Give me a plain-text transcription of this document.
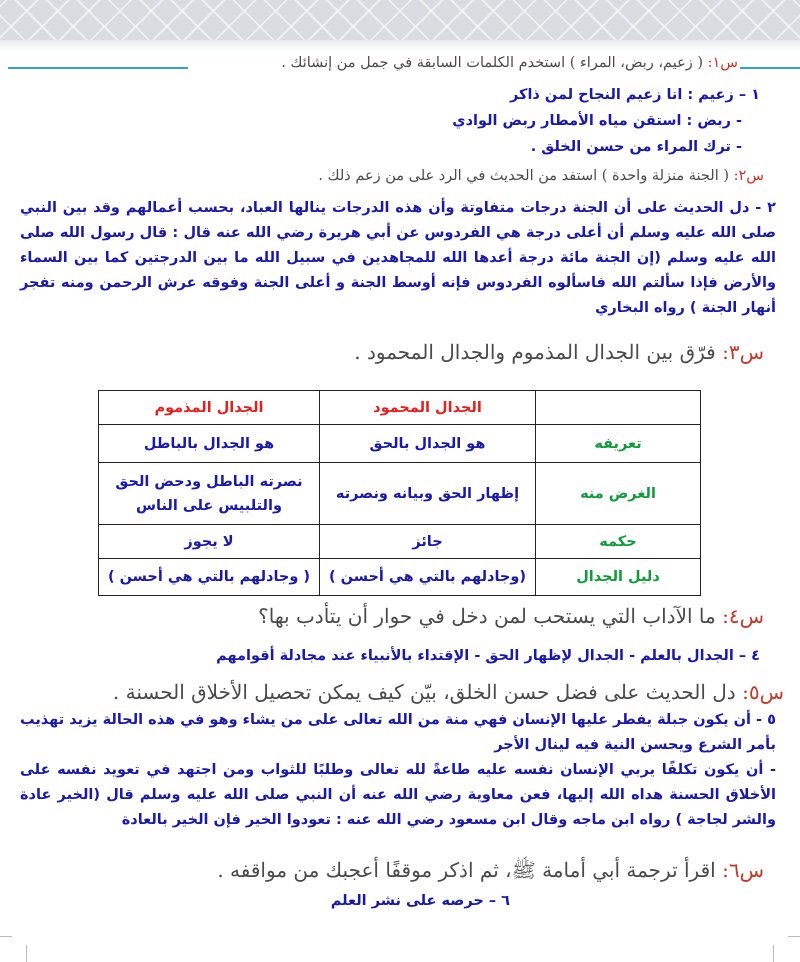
س١: ( زعيم، ربض، المراء ) استخدم الكلمات السابقة في جمل من إنشائك .
١ – زعيم : انا زعيم النجاح لمن ذاكر
- ربض : استقن مياه الأمطار ربض الوادي
- ترك المراء من حسن الخلق .
س٢: ( الجنة منزلة واحدة ) استفد من الحديث في الرد على من زعم ذلك .
٢ - دل الحديث على أن الجنة درجات متفاوتة وأن هذه الدرجات ينالها العباد، بحسب أعمالهم وقد بين النبي صلى الله عليه وسلم أن أعلى درجة هي الفردوس عن أبي هريرة رضي الله عنه قال : قال رسول الله صلى الله عليه وسلم (إن الجنة مائة درجة أعدها الله للمجاهدين في سبيل الله ما بين الدرجتين كما بين السماء والأرض فإذا سألتم الله فاسألوه الفردوس فإنه أوسط الجنة و أعلى الجنة وفوقه عرش الرحمن ومنه تفجر أنهار الجنة ) رواه البخاري
س٣: فرّق بين الجدال المذموم والجدال المحمود .
	الجدال المحمود	الجدال المذموم
تعريفه	هو الجدال بالحق	هو الجدال بالباطل
الغرض منه	إظهار الحق وبيانه ونصرته	نصرته الباطل ودحض الحق والتلبيس على الناس
حكمه	جائز	لا يجوز
دليل الجدال	(وجادلهم بالتي هي أحسن )	( وجادلهم بالتي هي أحسن )
س٤: ما الآداب التي يستحب لمن دخل في حوار أن يتأدب بها؟
٤ – الجدال بالعلم - الجدال لإظهار الحق - الإقتداء بالأنبياء عند مجادلة أقوامهم
س٥: دل الحديث على فضل حسن الخلق، بيّن كيف يمكن تحصيل الأخلاق الحسنة .
٥ - أن يكون جبلة يفطر عليها الإنسان فهي منة من الله تعالى على من يشاء وهو في هذه الحالة يزيد تهذيب بأمر الشرع ويحسن النية فيه لينال الأجر
- أن يكون تكلفًا يربي الإنسان نفسه عليه طاعةً لله تعالى وطلبًا للثواب ومن اجتهد في تعويد نفسه على الأخلاق الحسنة هداه الله إليها، فعن معاوية رضي الله عنه أن النبي صلى الله عليه وسلم قال (الخير عادة والشر لجاجة ) رواه ابن ماجه وقال ابن مسعود رضي الله عنه : تعودوا الخير فإن الخير بالعادة
س٦: اقرأ ترجمة أبي أمامة ﷺ، ثم اذكر موقفًا أعجبك من مواقفه .
٦ – حرصه على نشر العلم
